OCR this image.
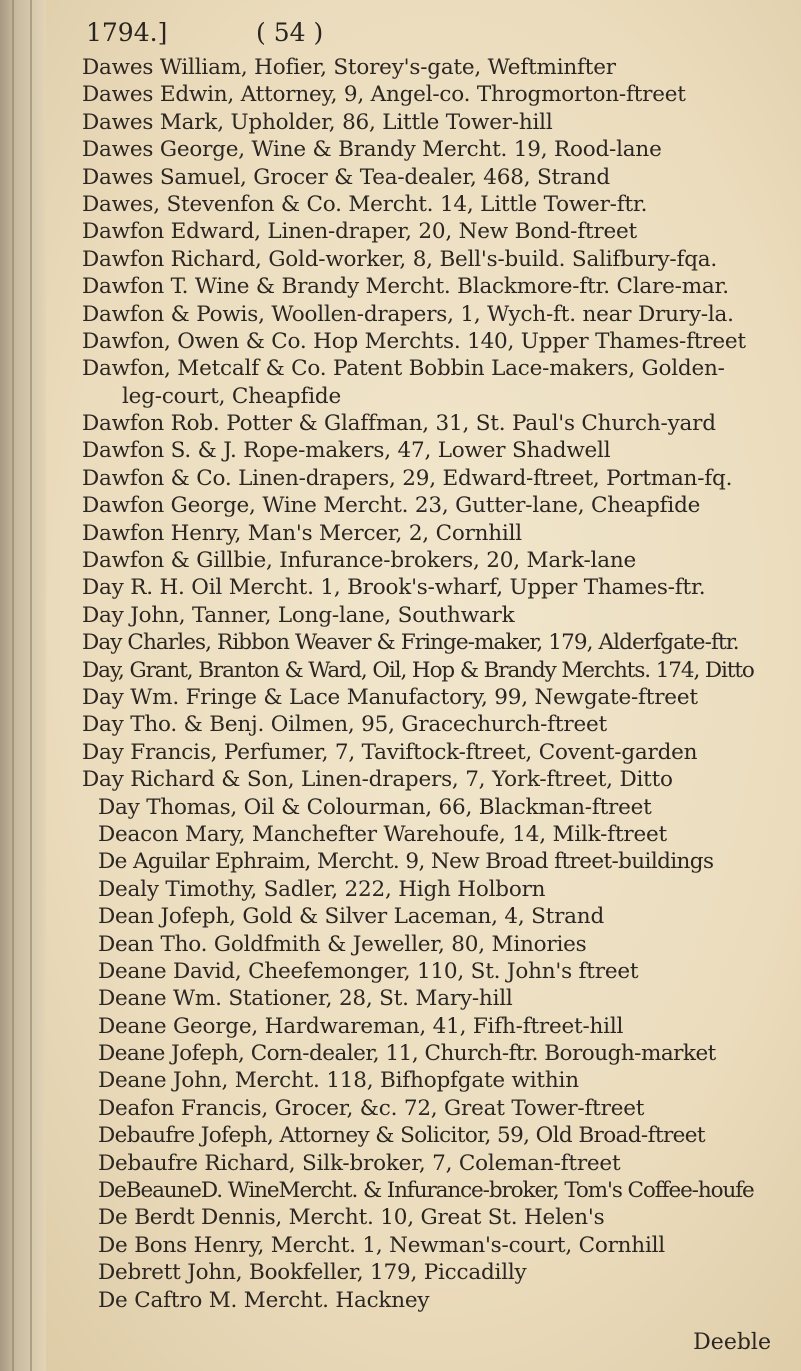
1794.]	( 54 )
Dawes William, Hofier, Storey's-gate, Weftminfter
Dawes Edwin, Attorney, 9, Angel-co. Throgmorton-ftreet
Dawes Mark, Upholder, 86, Little Tower-hill
Dawes George, Wine & Brandy Mercht. 19, Rood-lane
Dawes Samuel, Grocer & Tea-dealer, 468, Strand
Dawes, Stevenfon & Co. Mercht. 14, Little Tower-ftr.
Dawfon Edward, Linen-draper, 20, New Bond-ftreet
Dawfon Richard, Gold-worker, 8, Bell's-build. Salifbury-fqa.
Dawfon T. Wine & Brandy Mercht. Blackmore-ftr. Clare-mar.
Dawfon & Powis, Woollen-drapers, 1, Wych-ft. near Drury-la.
Dawfon, Owen & Co. Hop Merchts. 140, Upper Thames-ftreet
Dawfon, Metcalf & Co. Patent Bobbin Lace-makers, Golden-
leg-court, Cheapfide
Dawfon Rob. Potter & Glaffman, 31, St. Paul's Church-yard
Dawfon S. & J. Rope-makers, 47, Lower Shadwell
Dawfon & Co. Linen-drapers, 29, Edward-ftreet, Portman-fq.
Dawfon George, Wine Mercht. 23, Gutter-lane, Cheapfide
Dawfon Henry, Man's Mercer, 2, Cornhill
Dawfon & Gillbie, Infurance-brokers, 20, Mark-lane
Day R. H. Oil Mercht. 1, Brook's-wharf, Upper Thames-ftr.
Day John, Tanner, Long-lane, Southwark
Day Charles, Ribbon Weaver & Fringe-maker, 179, Alderfgate-ftr.
Day, Grant, Branton & Ward, Oil, Hop & Brandy Merchts. 174, Ditto
Day Wm. Fringe & Lace Manufactory, 99, Newgate-ftreet
Day Tho. & Benj. Oilmen, 95, Gracechurch-ftreet
Day Francis, Perfumer, 7, Taviftock-ftreet, Covent-garden
Day Richard & Son, Linen-drapers, 7, York-ftreet, Ditto
Day Thomas, Oil & Colourman, 66, Blackman-ftreet
Deacon Mary, Manchefter Warehoufe, 14, Milk-ftreet
De Aguilar Ephraim, Mercht. 9, New Broad ftreet-buildings
Dealy Timothy, Sadler, 222, High Holborn
Dean Jofeph, Gold & Silver Laceman, 4, Strand
Dean Tho. Goldfmith & Jeweller, 80, Minories
Deane David, Cheefemonger, 110, St. John's ftreet
Deane Wm. Stationer, 28, St. Mary-hill
Deane George, Hardwareman, 41, Fifh-ftreet-hill
Deane Jofeph, Corn-dealer, 11, Church-ftr. Borough-market
Deane John, Mercht. 118, Bifhopfgate within
Deafon Francis, Grocer, &c. 72, Great Tower-ftreet
Debaufre Jofeph, Attorney & Solicitor, 59, Old Broad-ftreet
Debaufre Richard, Silk-broker, 7, Coleman-ftreet
DeBeauneD. WineMercht. & Infurance-broker, Tom's Coffee-houfe
De Berdt Dennis, Mercht. 10, Great St. Helen's
De Bons Henry, Mercht. 1, Newman's-court, Cornhill
Debrett John, Bookfeller, 179, Piccadilly
De Caftro M. Mercht. Hackney
Deeble
